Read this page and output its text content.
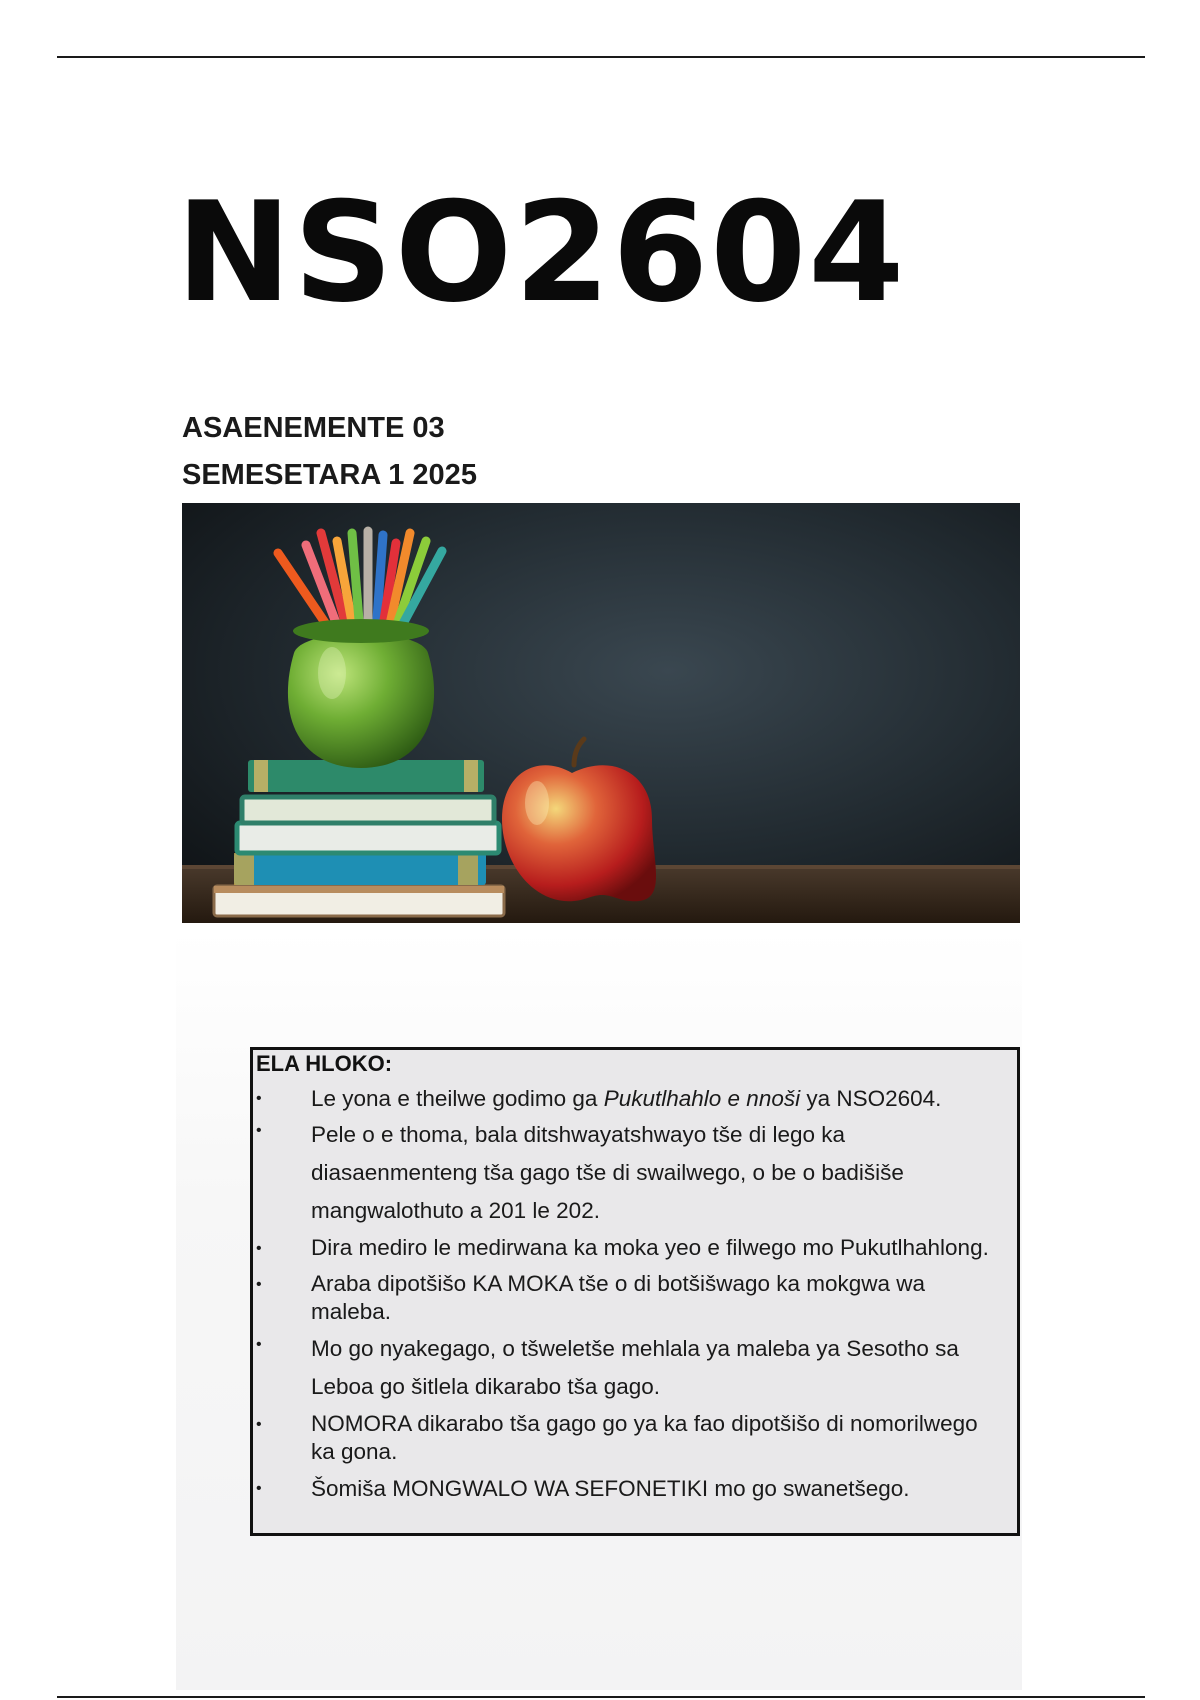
NSO2604
ASAENEMENTE 03
SEMESETARA 1 2025
ELA HLOKO:
• Le yona e theilwe godimo ga Pukutlhahlo e nnoši ya NSO2604.
• Pele o e thoma, bala ditshwayatshwayo tše di lego ka diasaenmenteng tša gago tše di swailwego, o be o badišiše mangwalothuto a 201 le 202.
• Dira mediro le medirwana ka moka yeo e filwego mo Pukutlhahlong.
• Araba dipotšišo KA MOKA tše o di botšišwago ka mokgwa wa maleba.
• Mo go nyakegago, o tšweletše mehlala ya maleba ya Sesotho sa Leboa go šitlela dikarabo tša gago.
• NOMORA dikarabo tša gago go ya ka fao dipotšišo di nomorilwego ka gona.
• Šomiša MONGWALO WA SEFONETIKI mo go swanetšego.
